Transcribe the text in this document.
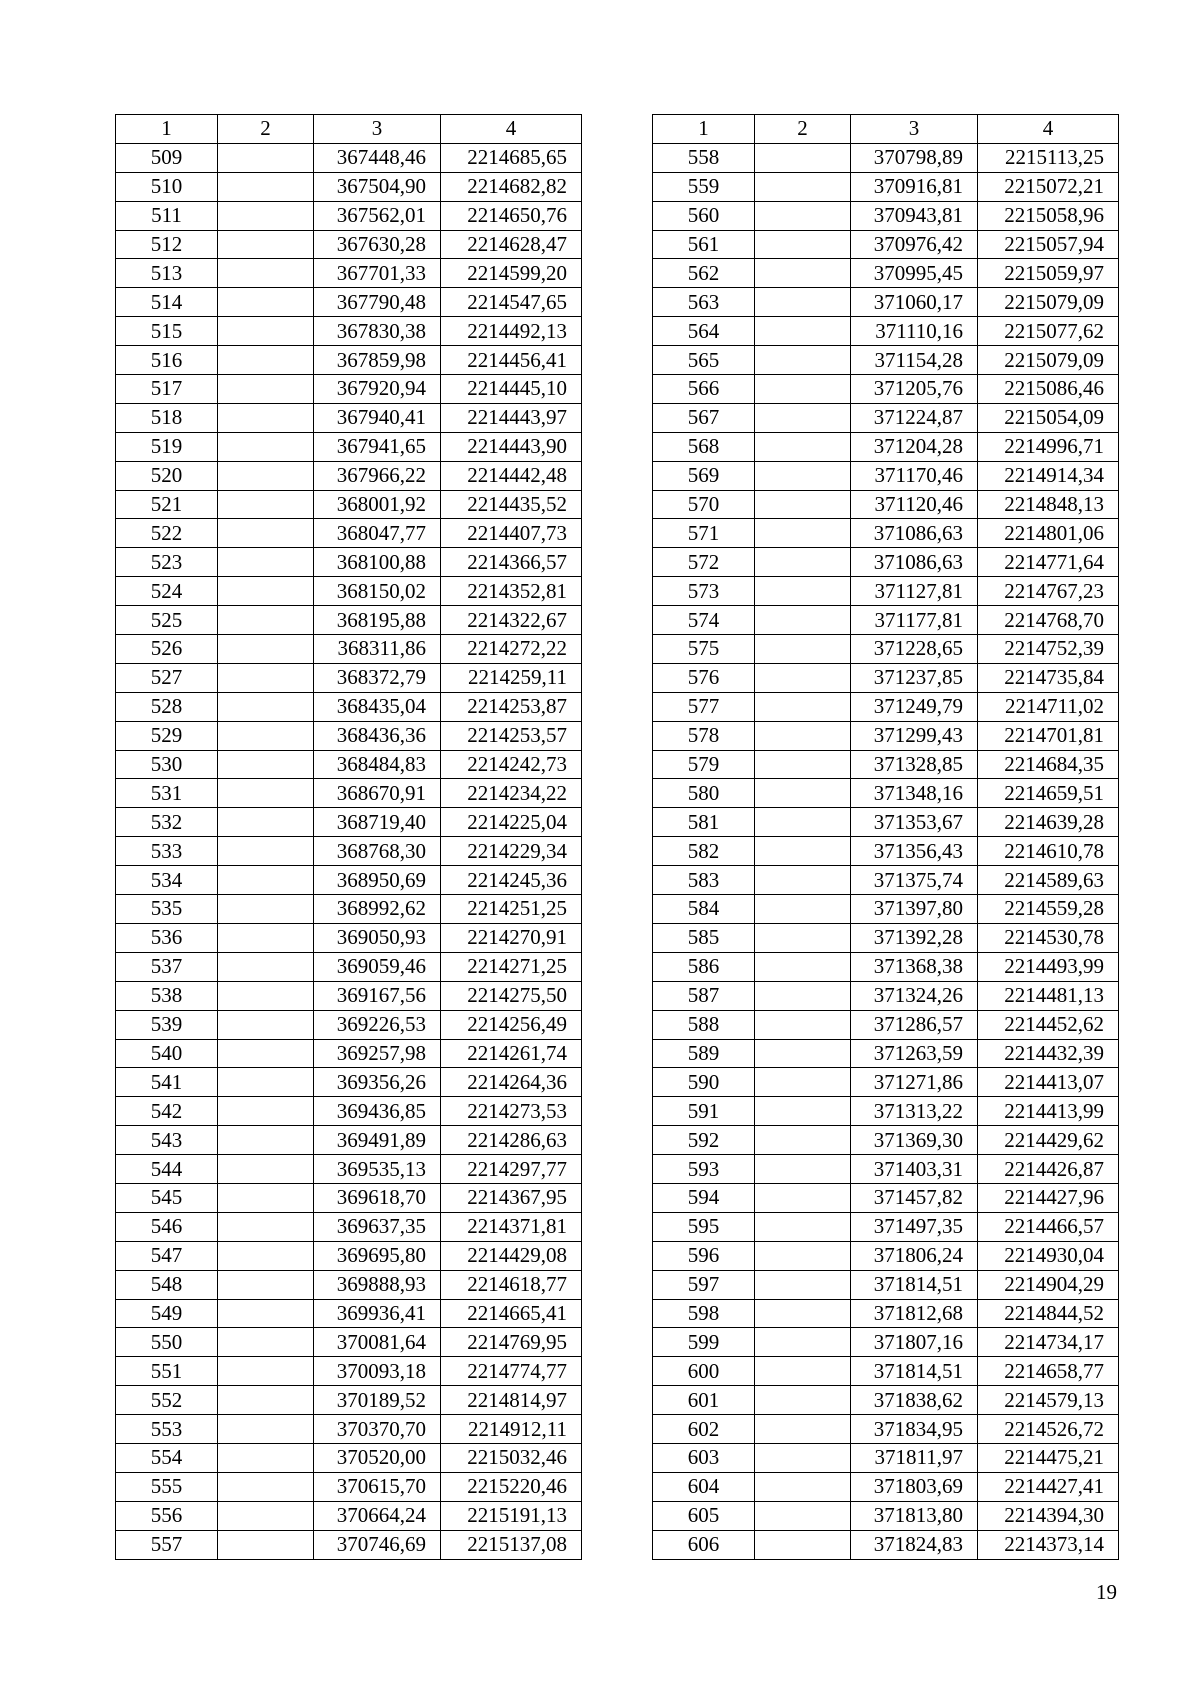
1	2	3	4
509		367448,46	2214685,65
510		367504,90	2214682,82
511		367562,01	2214650,76
512		367630,28	2214628,47
513		367701,33	2214599,20
514		367790,48	2214547,65
515		367830,38	2214492,13
516		367859,98	2214456,41
517		367920,94	2214445,10
518		367940,41	2214443,97
519		367941,65	2214443,90
520		367966,22	2214442,48
521		368001,92	2214435,52
522		368047,77	2214407,73
523		368100,88	2214366,57
524		368150,02	2214352,81
525		368195,88	2214322,67
526		368311,86	2214272,22
527		368372,79	2214259,11
528		368435,04	2214253,87
529		368436,36	2214253,57
530		368484,83	2214242,73
531		368670,91	2214234,22
532		368719,40	2214225,04
533		368768,30	2214229,34
534		368950,69	2214245,36
535		368992,62	2214251,25
536		369050,93	2214270,91
537		369059,46	2214271,25
538		369167,56	2214275,50
539		369226,53	2214256,49
540		369257,98	2214261,74
541		369356,26	2214264,36
542		369436,85	2214273,53
543		369491,89	2214286,63
544		369535,13	2214297,77
545		369618,70	2214367,95
546		369637,35	2214371,81
547		369695,80	2214429,08
548		369888,93	2214618,77
549		369936,41	2214665,41
550		370081,64	2214769,95
551		370093,18	2214774,77
552		370189,52	2214814,97
553		370370,70	2214912,11
554		370520,00	2215032,46
555		370615,70	2215220,46
556		370664,24	2215191,13
557		370746,69	2215137,08
1	2	3	4
558		370798,89	2215113,25
559		370916,81	2215072,21
560		370943,81	2215058,96
561		370976,42	2215057,94
562		370995,45	2215059,97
563		371060,17	2215079,09
564		371110,16	2215077,62
565		371154,28	2215079,09
566		371205,76	2215086,46
567		371224,87	2215054,09
568		371204,28	2214996,71
569		371170,46	2214914,34
570		371120,46	2214848,13
571		371086,63	2214801,06
572		371086,63	2214771,64
573		371127,81	2214767,23
574		371177,81	2214768,70
575		371228,65	2214752,39
576		371237,85	2214735,84
577		371249,79	2214711,02
578		371299,43	2214701,81
579		371328,85	2214684,35
580		371348,16	2214659,51
581		371353,67	2214639,28
582		371356,43	2214610,78
583		371375,74	2214589,63
584		371397,80	2214559,28
585		371392,28	2214530,78
586		371368,38	2214493,99
587		371324,26	2214481,13
588		371286,57	2214452,62
589		371263,59	2214432,39
590		371271,86	2214413,07
591		371313,22	2214413,99
592		371369,30	2214429,62
593		371403,31	2214426,87
594		371457,82	2214427,96
595		371497,35	2214466,57
596		371806,24	2214930,04
597		371814,51	2214904,29
598		371812,68	2214844,52
599		371807,16	2214734,17
600		371814,51	2214658,77
601		371838,62	2214579,13
602		371834,95	2214526,72
603		371811,97	2214475,21
604		371803,69	2214427,41
605		371813,80	2214394,30
606		371824,83	2214373,14
19
